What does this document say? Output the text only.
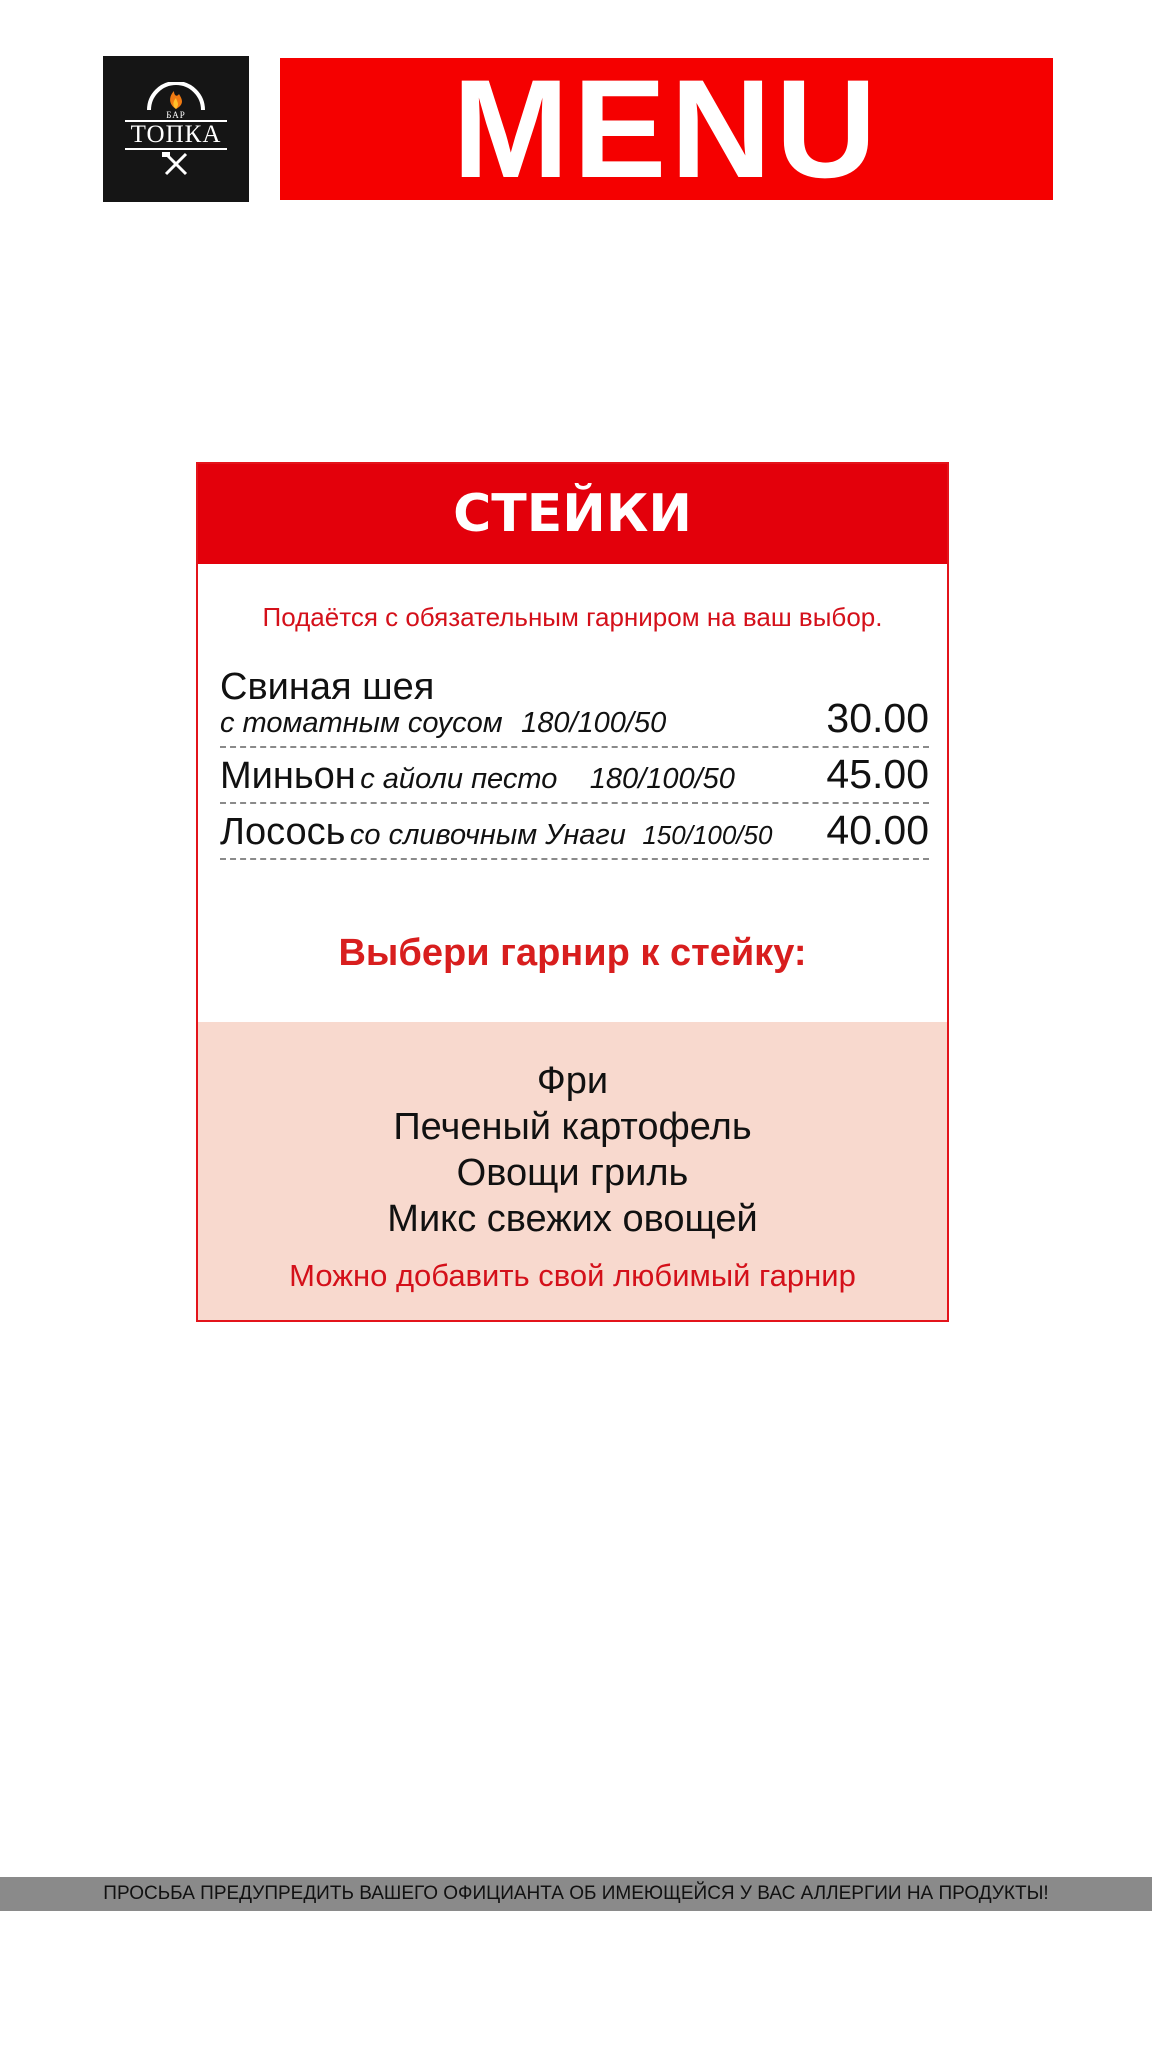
БАР
ТОПКА	MENU
СТЕЙКИ
Подаётся с обязательным гарниром на ваш выбор.
Свиная шея
с томатным соусом 180/100/50	30.00
Миньон с айоли песто 180/100/50 45.00
Лосось со сливочным Унаги 150/100/50 40.00
Выбери гарнир к стейку:
Фри
Печеный картофель
Овощи гриль
Микс свежих овощей
Можно добавить свой любимый гарнир
ПРОСЬБА ПРЕДУПРЕДИТЬ ВАШЕГО ОФИЦИАНТА ОБ ИМЕЮЩЕЙСЯ У ВАС АЛЛЕРГИИ НА ПРОДУКТЫ!
